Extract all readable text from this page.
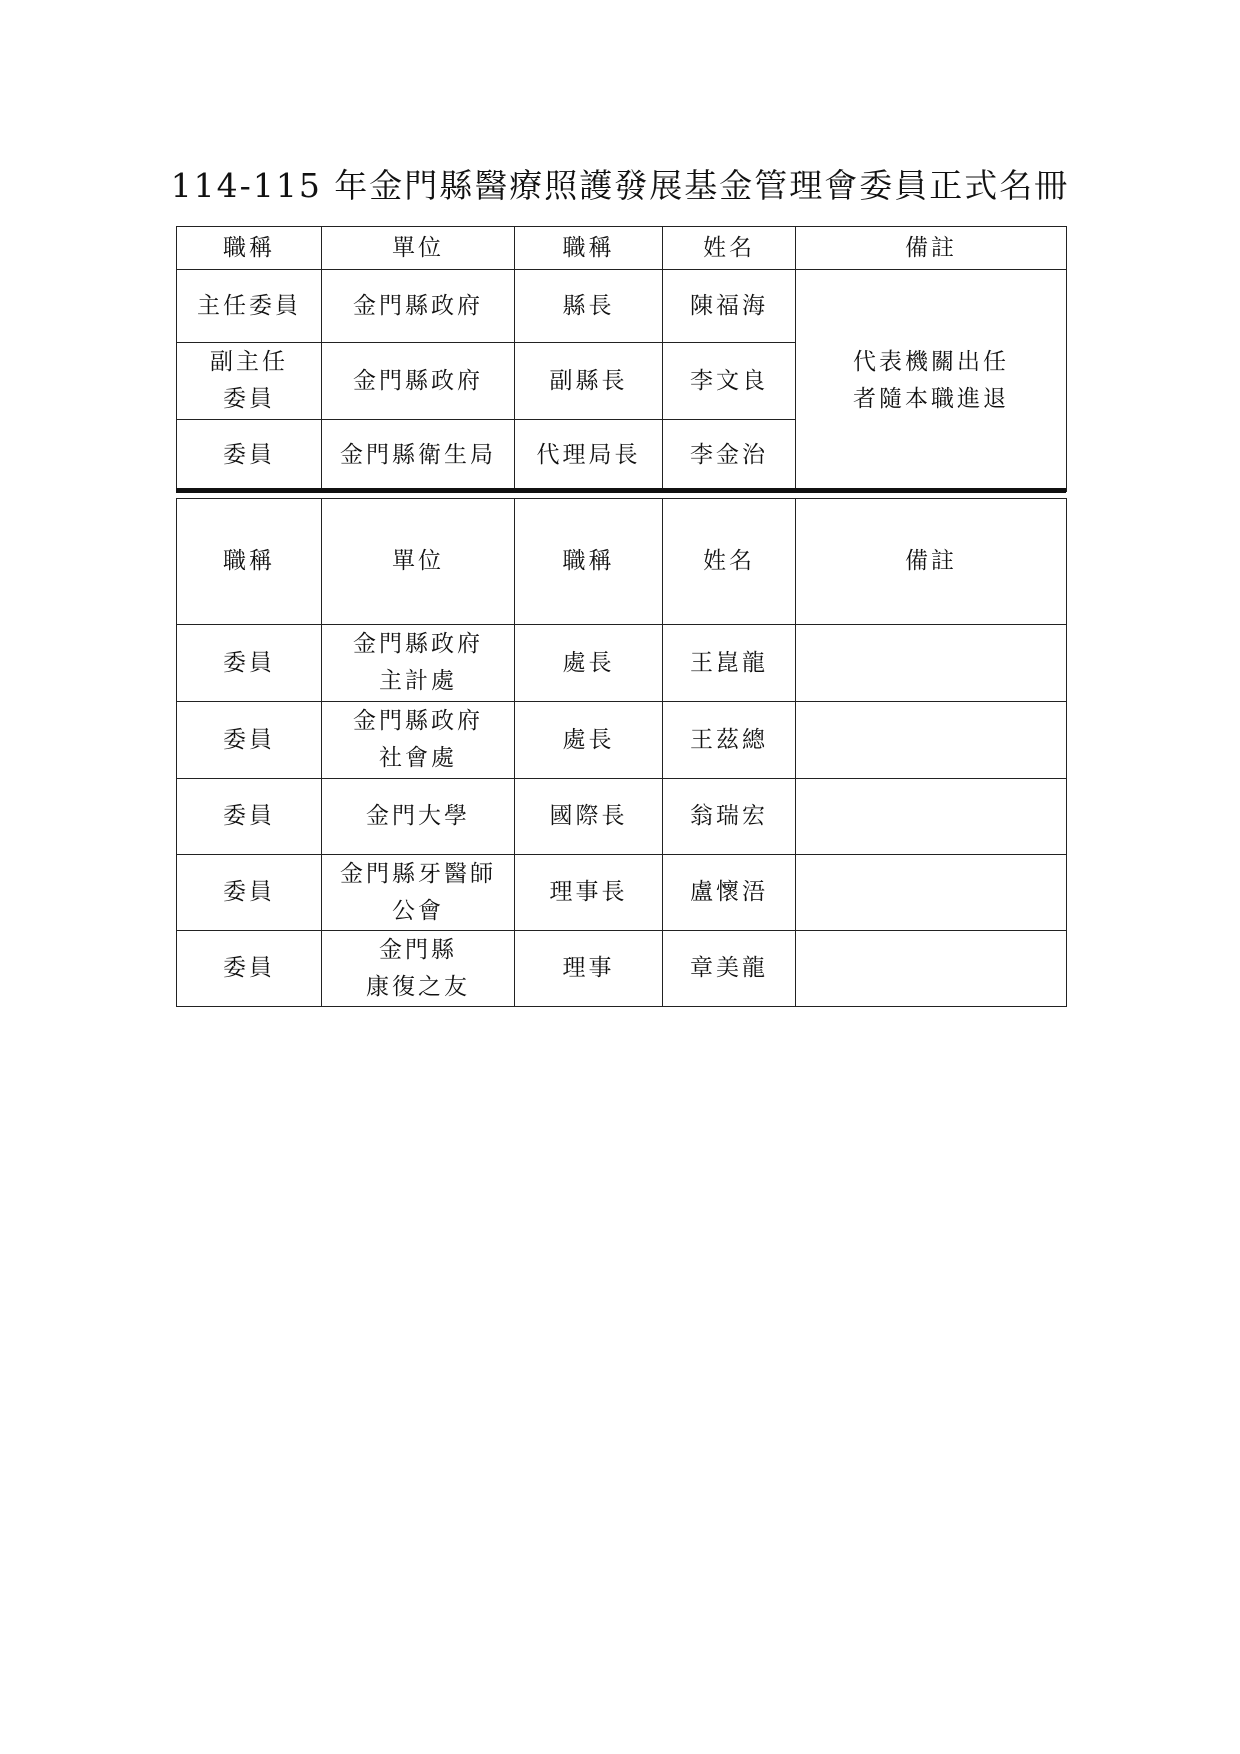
114-115 年金門縣醫療照護發展基金管理會委員正式名冊
職稱	單位	職稱	姓名	備註

主任委員	金門縣政府	縣長	陳福海	代表機關出任
者隨本職進退

副主任
委員	金門縣政府	副縣長	李文良	

委員	金門縣衛生局	代理局長	李金治	
職稱	單位	職稱	姓名	備註

委員	金門縣政府
主計處	處長	王崑龍	

委員	金門縣政府
社會處	處長	王茲總	

委員	金門大學	國際長	翁瑞宏	

委員	金門縣牙醫師
公會	理事長	盧懷浯	

委員	金門縣
康復之友	理事	章美龍	
